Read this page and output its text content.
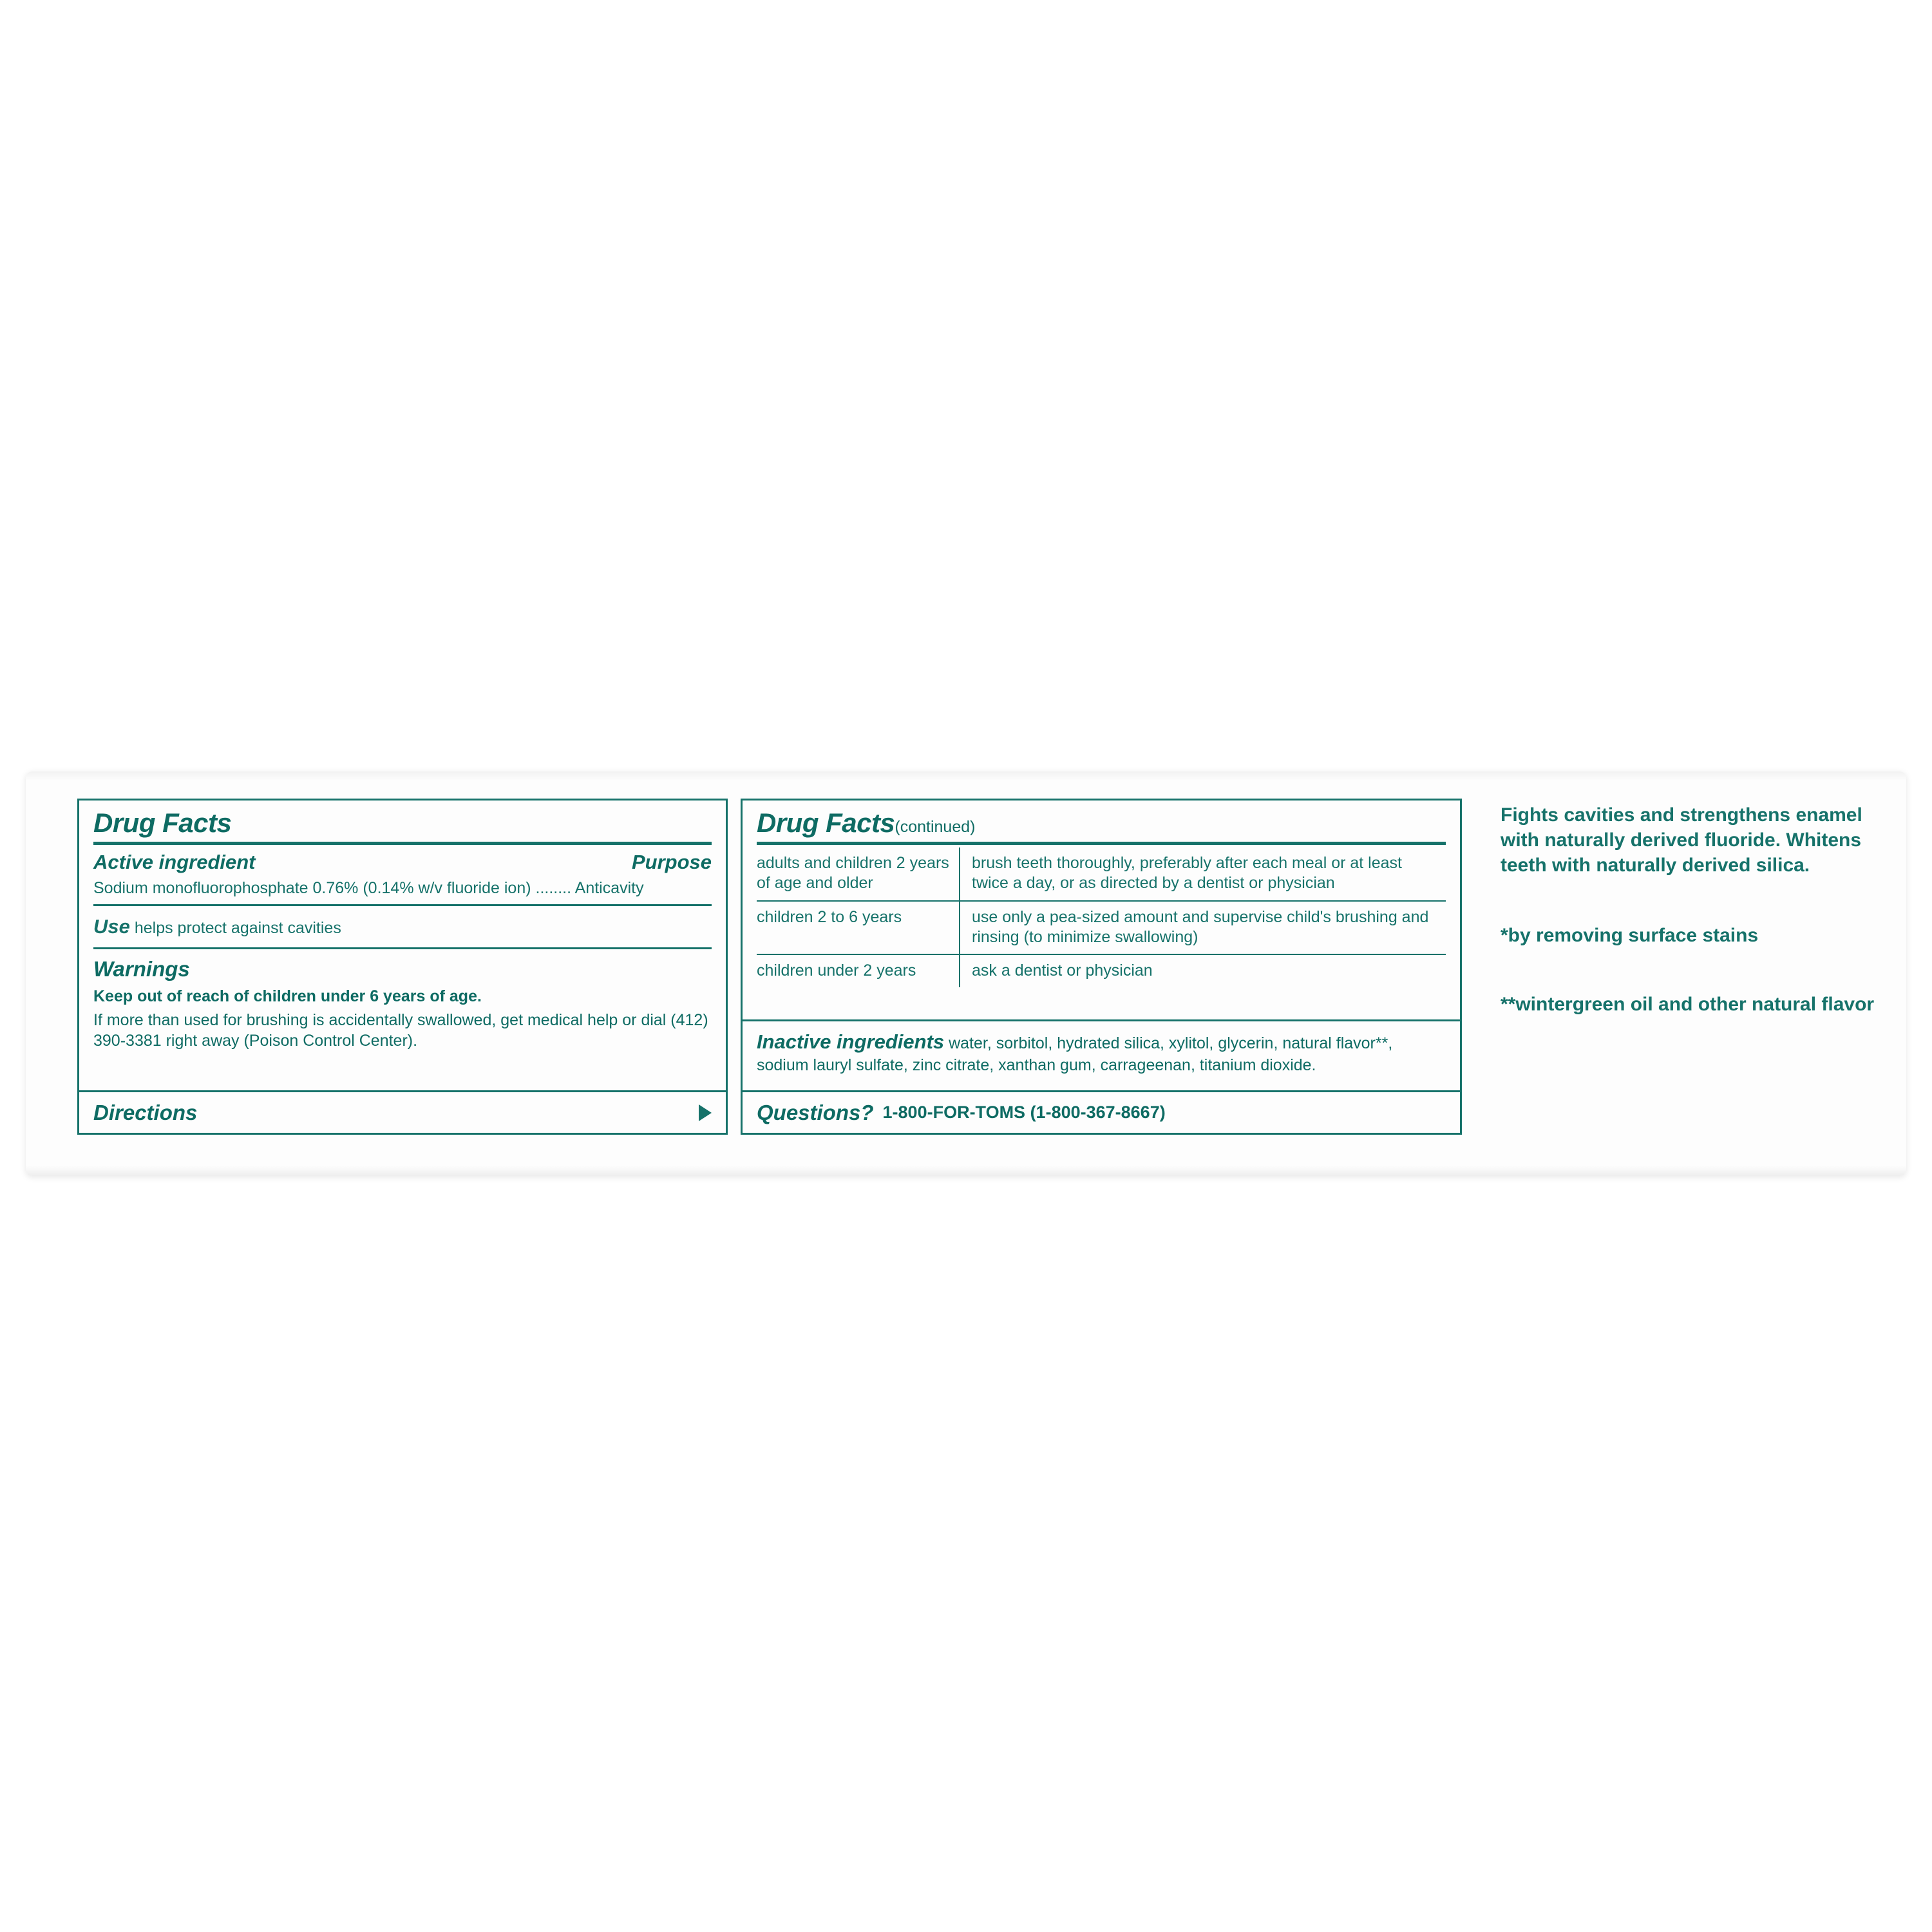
Drug Facts
Active ingredient	Purpose
Sodium monofluorophosphate 0.76% (0.14% w/v fluoride ion) ........ Anticavity
Use helps protect against cavities
Warnings
Keep out of reach of children under 6 years of age.
If more than used for brushing is accidentally swallowed, get medical help or dial (412) 390-3381 right away (Poison Control Center).
Directions
Drug Facts(continued)
adults and children 2 years of age and older	brush teeth thoroughly, preferably after each meal or at least twice a day, or as directed by a dentist or physician
children 2 to 6 years	use only a pea-sized amount and supervise child's brushing and rinsing (to minimize swallowing)
children under 2 years	ask a dentist or physician
Inactive ingredients water, sorbitol, hydrated silica, xylitol, glycerin, natural flavor**, sodium lauryl sulfate, zinc citrate, xanthan gum, carrageenan, titanium dioxide.
Questions? 1-800-FOR-TOMS (1-800-367-8667)

Fights cavities and strengthens enamel with naturally derived fluoride. Whitens teeth with naturally derived silica.

*by removing surface stains

**wintergreen oil and other natural flavor
